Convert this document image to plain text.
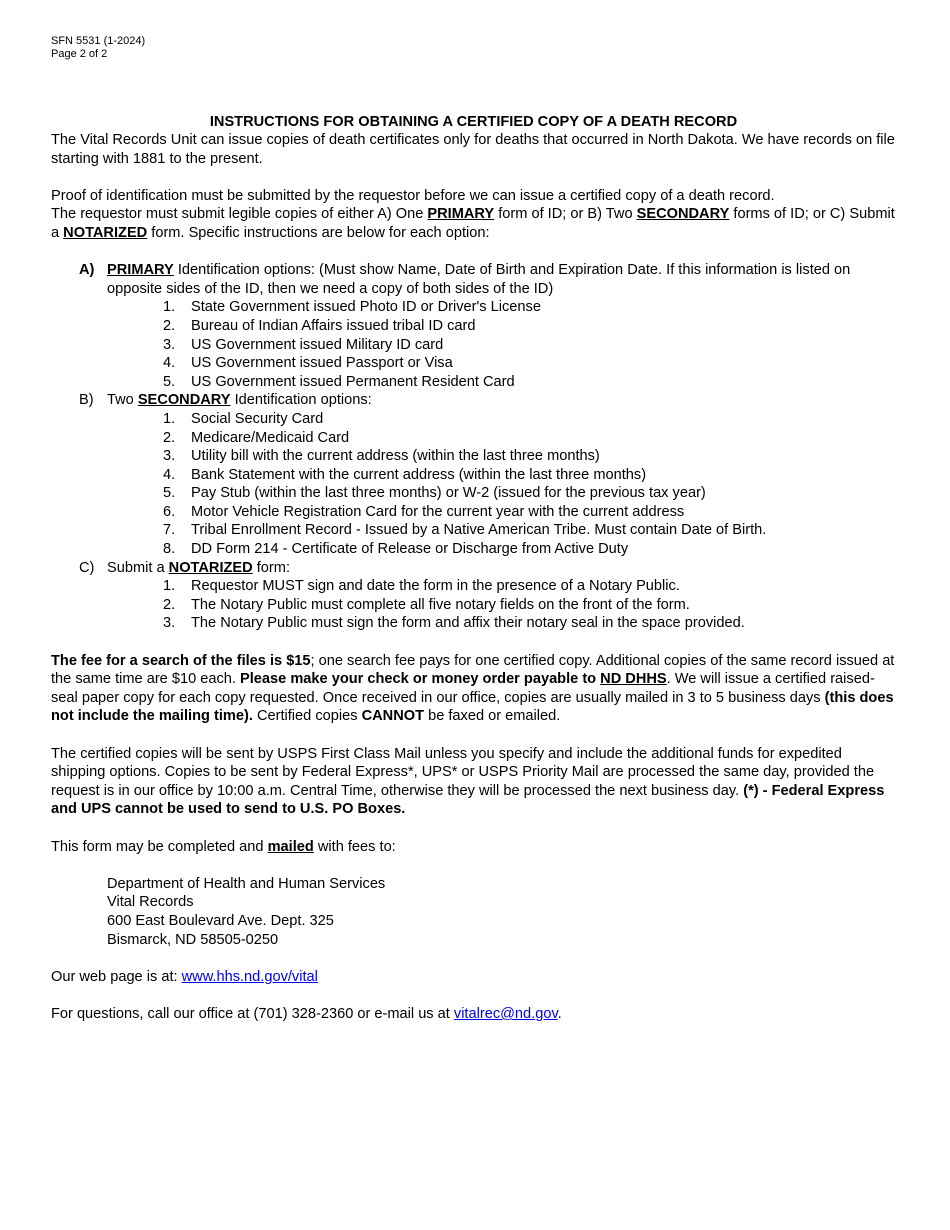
SFN 5531 (1-2024)
Page 2 of 2
INSTRUCTIONS FOR OBTAINING A CERTIFIED COPY OF A DEATH RECORD

The Vital Records Unit can issue copies of death certificates only for deaths that occurred in North Dakota. We have records on file starting with 1881 to the present.

Proof of identification must be submitted by the requestor before we can issue a certified copy of a death record.

The requestor must submit legible copies of either A) One PRIMARY form of ID; or B) Two SECONDARY forms of ID; or C) Submit a NOTARIZED form. Specific instructions are below for each option:

A) PRIMARY Identification options: (Must show Name, Date of Birth and Expiration Date. If this information is listed on opposite sides of the ID, then we need a copy of both sides of the ID)
1.	State Government issued Photo ID or Driver's License
2.	Bureau of Indian Affairs issued tribal ID card
3.	US Government issued Military ID card
4.	US Government issued Passport or Visa
5.	US Government issued Permanent Resident Card
B) Two SECONDARY Identification options:
1.	Social Security Card
2.	Medicare/Medicaid Card
3.	Utility bill with the current address (within the last three months)
4.	Bank Statement with the current address (within the last three months)
5.	Pay Stub (within the last three months) or W-2 (issued for the previous tax year)
6.	Motor Vehicle Registration Card for the current year with the current address
7.	Tribal Enrollment Record - Issued by a Native American Tribe. Must contain Date of Birth.
8.	DD Form 214 - Certificate of Release or Discharge from Active Duty
C) Submit a NOTARIZED form:
1.	Requestor MUST sign and date the form in the presence of a Notary Public.
2.	The Notary Public must complete all five notary fields on the front of the form.
3.	The Notary Public must sign the form and affix their notary seal in the space provided.

The fee for a search of the files is $15; one search fee pays for one certified copy. Additional copies of the same record issued at the same time are $10 each. Please make your check or money order payable to ND DHHS. We will issue a certified raised-seal paper copy for each copy requested. Once received in our office, copies are usually mailed in 3 to 5 business days (this does not include the mailing time). Certified copies CANNOT be faxed or emailed.

The certified copies will be sent by USPS First Class Mail unless you specify and include the additional funds for expedited shipping options. Copies to be sent by Federal Express*, UPS* or USPS Priority Mail are processed the same day, provided the request is in our office by 10:00 a.m. Central Time, otherwise they will be processed the next business day. (*) - Federal Express and UPS cannot be used to send to U.S. PO Boxes.

This form may be completed and mailed with fees to:

Department of Health and Human Services
Vital Records
600 East Boulevard Ave. Dept. 325
Bismarck, ND 58505-0250

Our web page is at: www.hhs.nd.gov/vital

For questions, call our office at (701) 328-2360 or e-mail us at vitalrec@nd.gov.
